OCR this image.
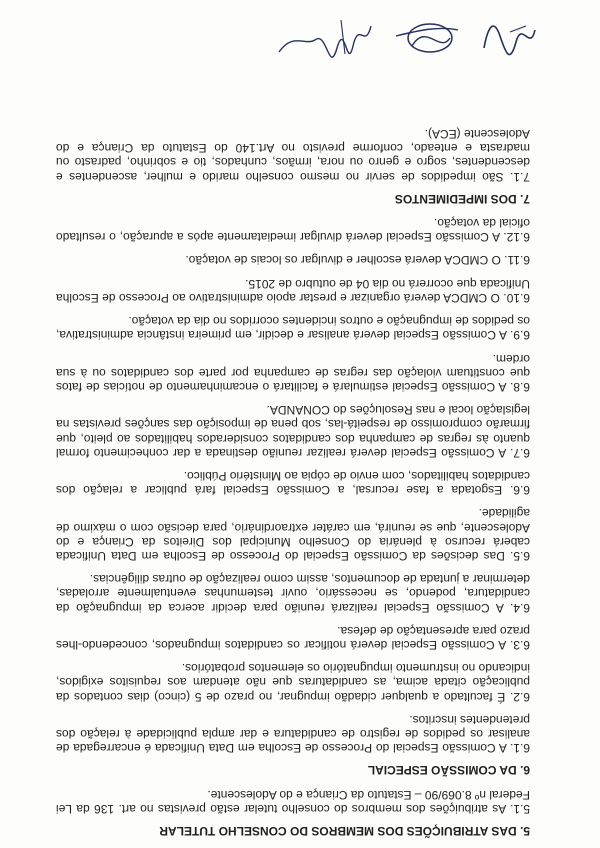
5. DAS ATRIBUIÇÕES DOS MEMBROS DO CONSELHO TUTELAR

5.1. As atribuições dos membros do conselho tutelar estão previstas no art. 136 da Lei Federal nº 8.069/90 – Estatuto da Criança e do Adolescente.

6. DA COMISSÃO ESPECIAL

6.1. A Comissão Especial do Processo de Escolha em Data Unificada é encarregada de analisar os pedidos de registro de candidatura e dar ampla publicidade à relação dos pretendentes inscritos.

6.2. É facultado a qualquer cidadão impugnar, no prazo de 5 (cinco) dias contados da publicação citada acima, as candidaturas que não atendam aos requisitos exigidos, indicando no instrumento impugnatório os elementos probatórios.

6.3. A Comissão Especial deverá notificar os candidatos impugnados, concedendo-lhes prazo para apresentação de defesa.

6.4. A Comissão Especial realizará reunião para decidir acerca da impugnação da candidatura, podendo, se necessário, ouvir testemunhas eventualmente arroladas, determinar a juntada de documentos, assim como realização de outras diligências.

6.5. Das decisões da Comissão Especial do Processo de Escolha em Data Unificada caberá recurso à plenária do Conselho Municipal dos Direitos da Criança e do Adolescente, que se reunirá, em caráter extraordinário, para decisão com o máximo de agilidade.

6.6. Esgotada a fase recursal, a Comissão Especial fará publicar a relação dos candidatos habilitados, com envio de cópia ao Ministério Público.

6.7. A Comissão Especial deverá realizar reunião destinada a dar conhecimento formal quanto às regras de campanha dos candidatos considerados habilitados ao pleito, que firmarão compromisso de respeitá-las, sob pena de imposição das sanções previstas na legislação local e nas Resoluções do CONANDA.

6.8. A Comissão Especial estimulará e facilitará o encaminhamento de notícias de fatos que constituam violação das regras de campanha por parte dos candidatos ou à sua ordem.

6.9. A Comissão Especial deverá analisar e decidir, em primeira instância administrativa, os pedidos de impugnação e outros incidentes ocorridos no dia da votação.

6.10. O CMDCA deverá organizar e prestar apoio administrativo ao Processo de Escolha Unificada que ocorrerá no dia 04 de outubro de 2015.

6.11. O CMDCA deverá escolher e divulgar os locais de votação.

6.12. A Comissão Especial deverá divulgar imediatamente após a apuração, o resultado oficial da votação.

7. DOS IMPEDIMENTOS

7.1. São impedidos de servir no mesmo conselho marido e mulher, ascendentes e descendentes, sogro e genro ou nora, irmãos, cunhados, tio e sobrinho, padrasto ou madrasta e enteado, conforme previsto no Art.140 do Estatuto da Criança e do Adolescente (ECA).
